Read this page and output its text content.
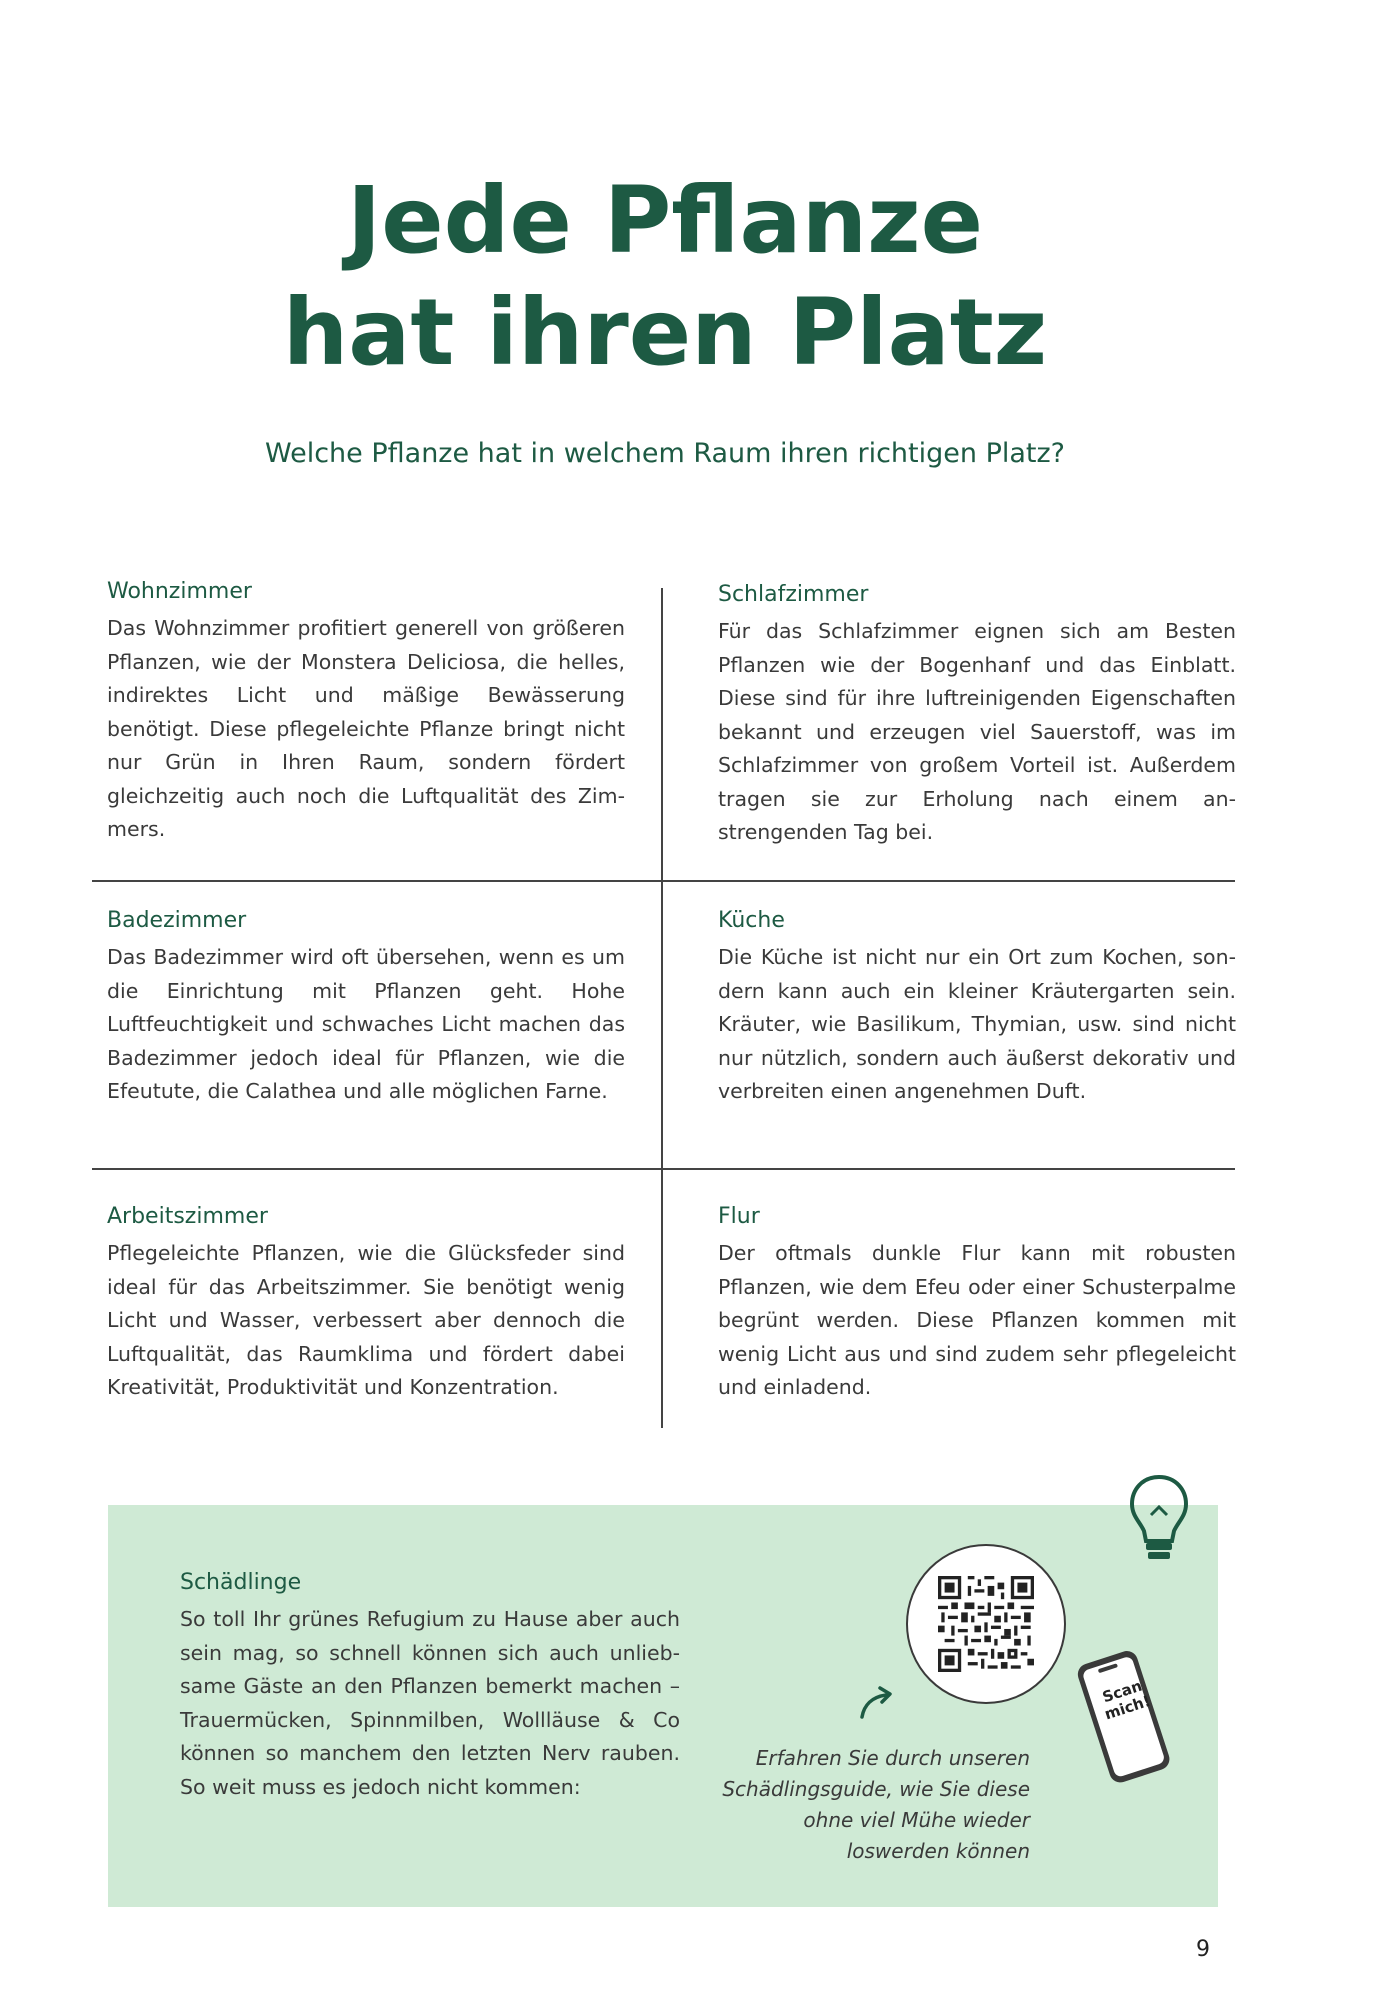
Jede Pflanze
hat ihren Platz

Welche Pflanze hat in welchem Raum ihren richtigen Platz?

Wohnzimmer

Das Wohnzimmer profitiert generell von größeren Pflanzen, wie der Monstera Deliciosa, die helles, indirektes Licht und mäßige Bewässerung benötigt. Diese pflegeleichte Pflanze bringt nicht nur Grün in Ihren Raum, sondern fördert gleichzeitig auch noch die Luftqualität des Zimmers.

Schlafzimmer

Für das Schlafzimmer eignen sich am Besten Pflanzen wie der Bogenhanf und das Einblatt. Diese sind für ihre luftreinigenden Eigenschaften bekannt und erzeugen viel Sauerstoff, was im Schlafzimmer von großem Vorteil ist. Außerdem tragen sie zur Erholung nach einem anstrengenden Tag bei.

Badezimmer

Das Badezimmer wird oft übersehen, wenn es um die Einrichtung mit Pflanzen geht. Hohe Luftfeuchtigkeit und schwaches Licht machen das Badezimmer jedoch ideal für Pflanzen, wie die Efeutute, die Calathea und alle möglichen Farne.

Küche

Die Küche ist nicht nur ein Ort zum Kochen, sondern kann auch ein kleiner Kräutergarten sein. Kräuter, wie Basilikum, Thymian, usw. sind nicht nur nützlich, sondern auch äußerst dekorativ und verbreiten einen angenehmen Duft.

Arbeitszimmer

Pflegeleichte Pflanzen, wie die Glücksfeder sind ideal für das Arbeitszimmer. Sie benötigt wenig Licht und Wasser, verbessert aber dennoch die Luftqualität, das Raumklima und fördert dabei Kreativität, Produktivität und Konzentration.

Flur

Der oftmals dunkle Flur kann mit robusten Pflanzen, wie dem Efeu oder einer Schusterpalme begrünt werden. Diese Pflanzen kommen mit wenig Licht aus und sind zudem sehr pflegeleicht und einladend.

Schädlinge

So toll Ihr grünes Refugium zu Hause aber auch sein mag, so schnell können sich auch unliebsame Gäste an den Pflanzen bemerkt machen – Trauermücken, Spinnmilben, Wollläuse & Co können so manchem den letzten Nerv rauben. So weit muss es jedoch nicht kommen:

Scan mich!
Erfahren Sie durch unseren Schädlingsguide, wie Sie diese ohne viel Mühe wieder loswerden können
9
